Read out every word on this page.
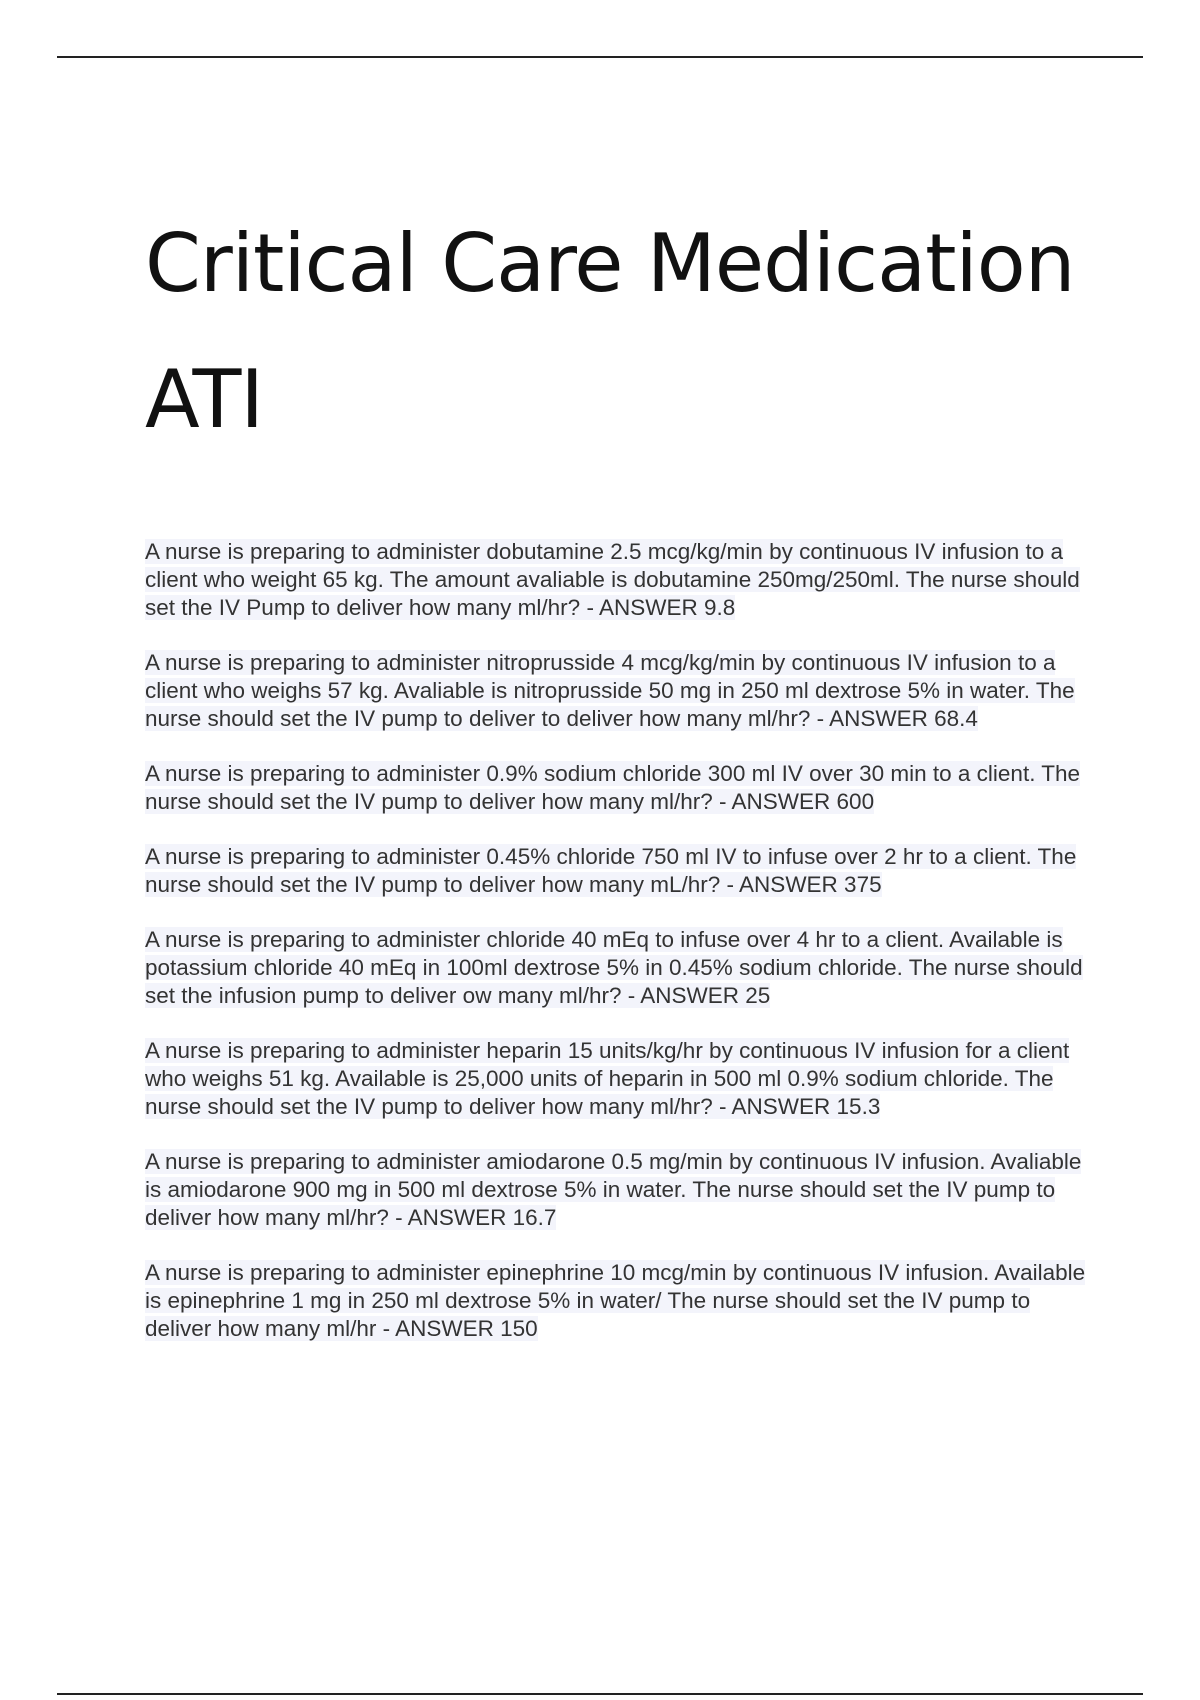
Critical Care Medication
ATI

A nurse is preparing to administer dobutamine 2.5 mcg/kg/min by continuous IV infusion to a client who weight 65 kg. The amount avaliable is dobutamine 250mg/250ml. The nurse should set the IV Pump to deliver how many ml/hr? - ANSWER 9.8

A nurse is preparing to administer nitroprusside 4 mcg/kg/min by continuous IV infusion to a client who weighs 57 kg. Avaliable is nitroprusside 50 mg in 250 ml dextrose 5% in water. The nurse should set the IV pump to deliver to deliver how many ml/hr? - ANSWER 68.4

A nurse is preparing to administer 0.9% sodium chloride 300 ml IV over 30 min to a client. The nurse should set the IV pump to deliver how many ml/hr? - ANSWER 600

A nurse is preparing to administer 0.45% chloride 750 ml IV to infuse over 2 hr to a client. The nurse should set the IV pump to deliver how many mL/hr? - ANSWER 375

A nurse is preparing to administer chloride 40 mEq to infuse over 4 hr to a client. Available is potassium chloride 40 mEq in 100ml dextrose 5% in 0.45% sodium chloride. The nurse should set the infusion pump to deliver ow many ml/hr? - ANSWER 25

A nurse is preparing to administer heparin 15 units/kg/hr by continuous IV infusion for a client who weighs 51 kg. Available is 25,000 units of heparin in 500 ml 0.9% sodium chloride. The nurse should set the IV pump to deliver how many ml/hr? - ANSWER 15.3

A nurse is preparing to administer amiodarone 0.5 mg/min by continuous IV infusion. Avaliable is amiodarone 900 mg in 500 ml dextrose 5% in water. The nurse should set the IV pump to deliver how many ml/hr? - ANSWER 16.7

A nurse is preparing to administer epinephrine 10 mcg/min by continuous IV infusion. Available is epinephrine 1 mg in 250 ml dextrose 5% in water/ The nurse should set the IV pump to deliver how many ml/hr - ANSWER 150
